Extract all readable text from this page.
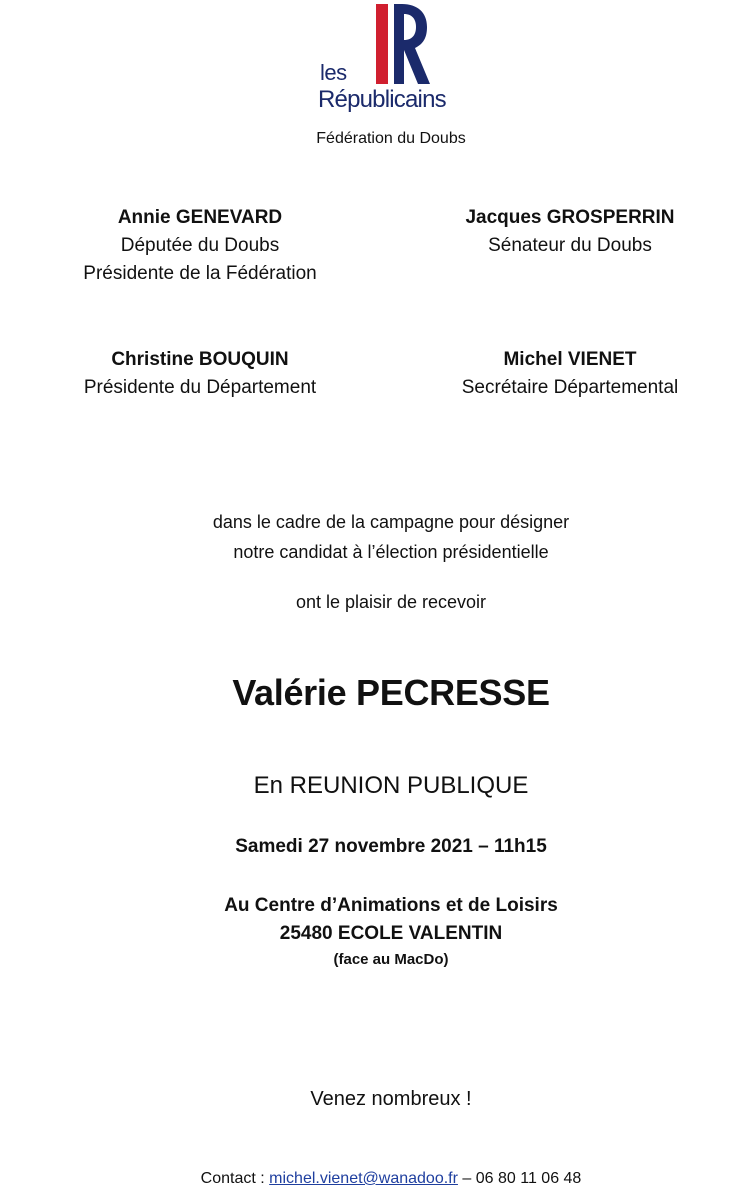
les
Républicains
Fédération du Doubs
Annie GENEVARD
Députée du Doubs
Présidente de la Fédération
Jacques GROSPERRIN
Sénateur du Doubs
Christine BOUQUIN
Présidente du Département
Michel VIENET
Secrétaire Départemental
dans le cadre de la campagne pour désigner
notre candidat à l’élection présidentielle
ont le plaisir de recevoir
Valérie PECRESSE
En REUNION PUBLIQUE
Samedi 27 novembre 2021 – 11h15
Au Centre d’Animations et de Loisirs
25480 ECOLE VALENTIN
(face au MacDo)
Venez nombreux !
Contact : michel.vienet@wanadoo.fr – 06 80 11 06 48
